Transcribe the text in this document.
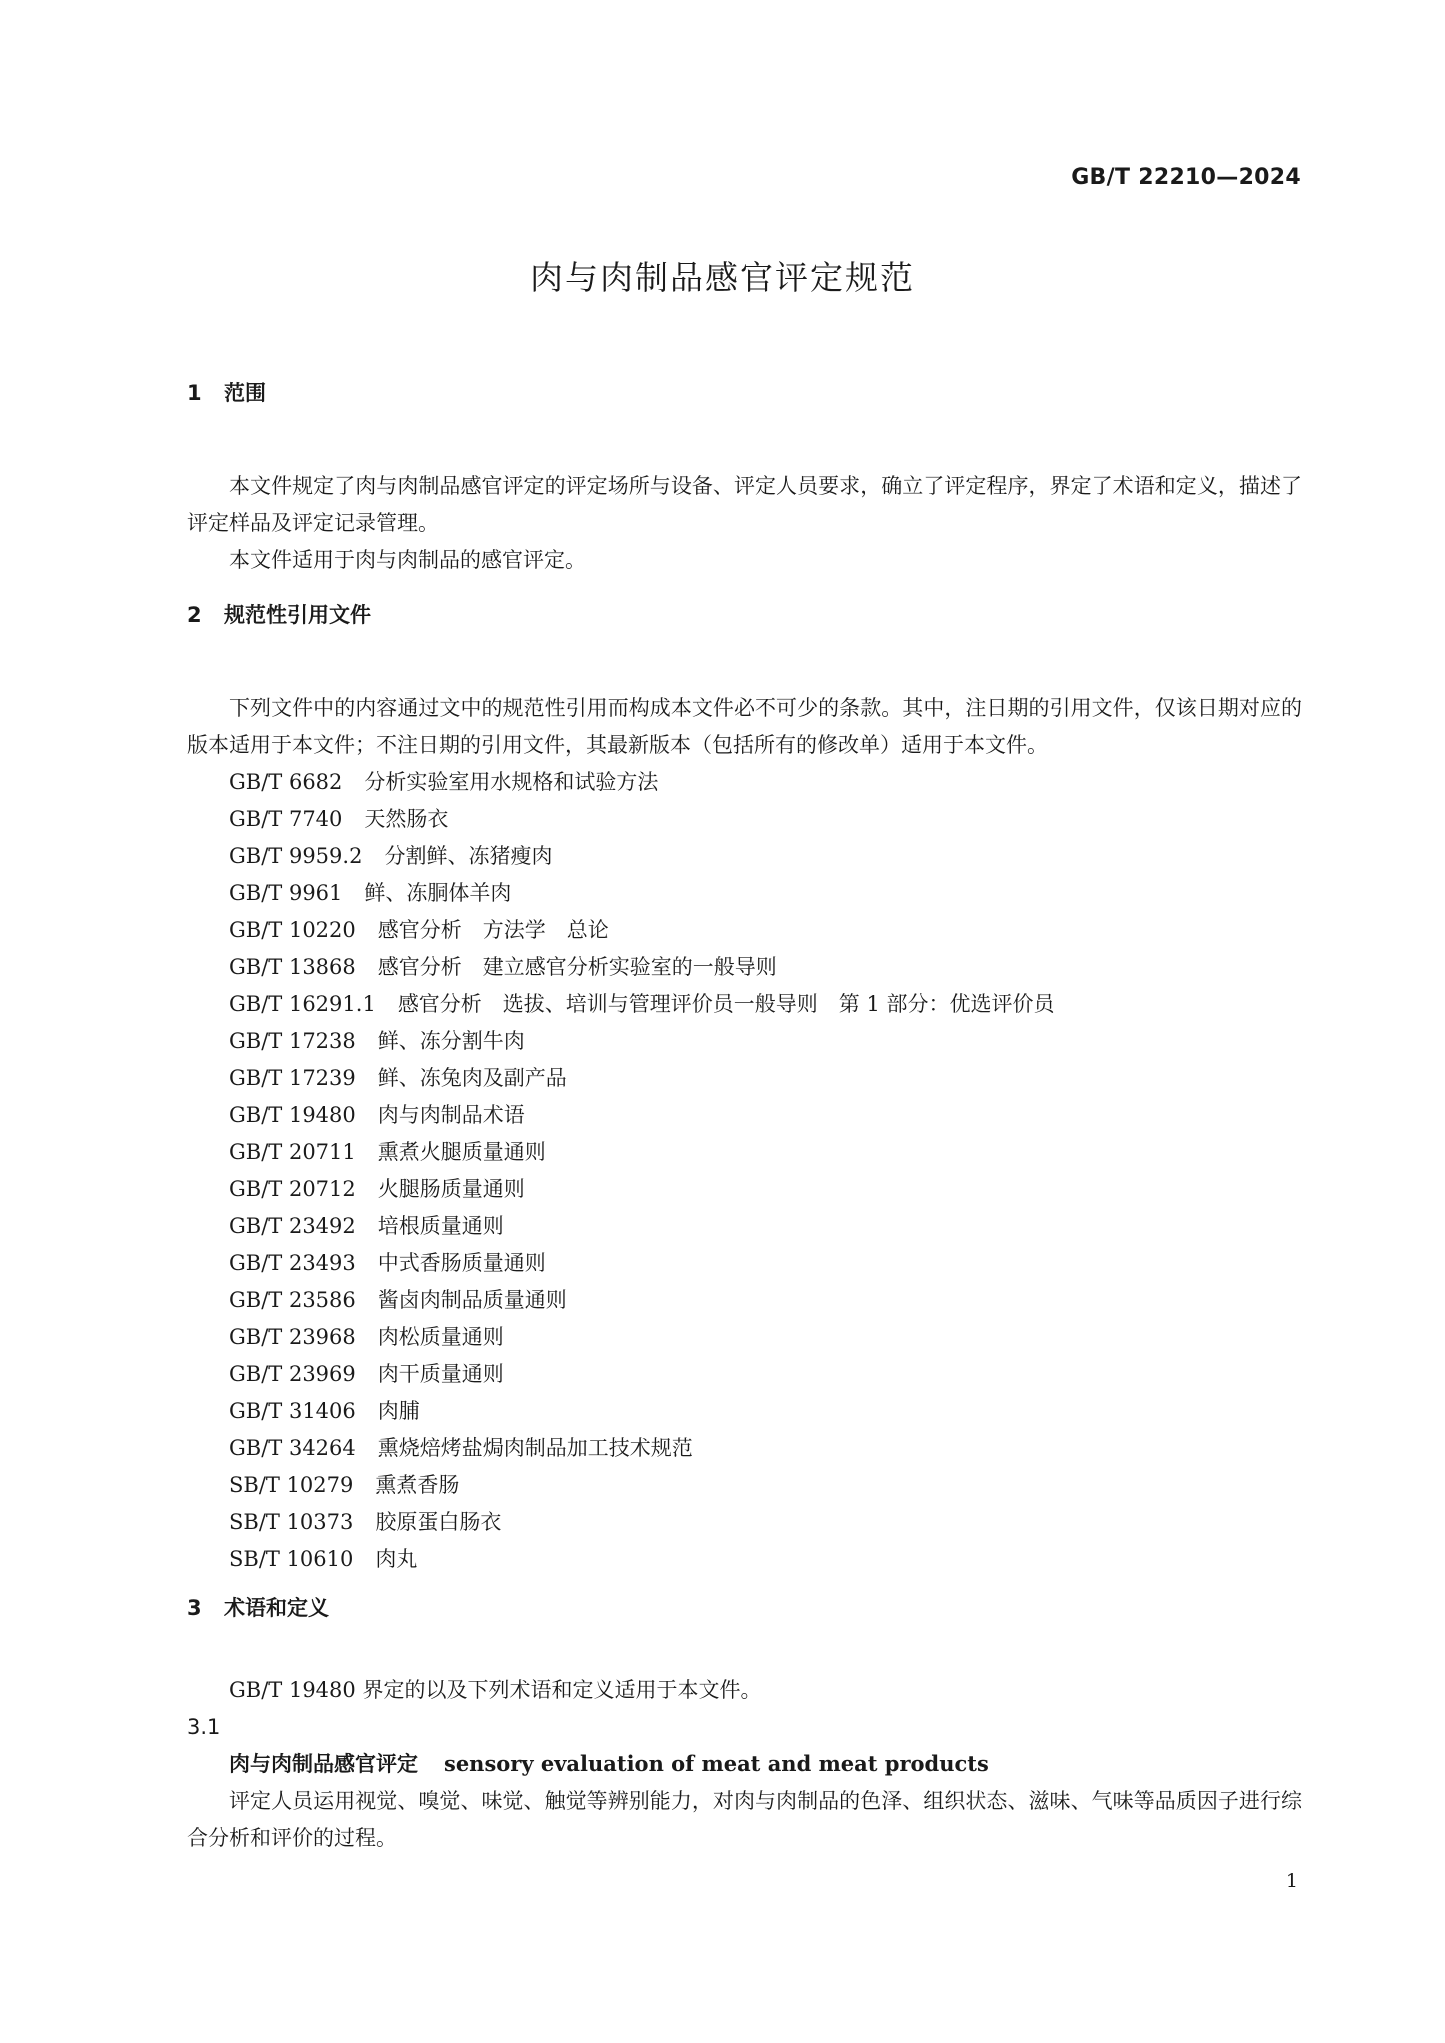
GB/T 22210—2024
肉与肉制品感官评定规范
1 范围

本文件规定了肉与肉制品感官评定的评定场所与设备、评定人员要求，确立了评定程序，界定了术语和定义，描述了评定样品及评定记录管理。

本文件适用于肉与肉制品的感官评定。

2 规范性引用文件

下列文件中的内容通过文中的规范性引用而构成本文件必不可少的条款。其中，注日期的引用文件，仅该日期对应的版本适用于本文件；不注日期的引用文件，其最新版本（包括所有的修改单）适用于本文件。

GB/T 6682 分析实验室用水规格和试验方法
GB/T 7740 天然肠衣
GB/T 9959.2 分割鲜、冻猪瘦肉
GB/T 9961 鲜、冻胴体羊肉
GB/T 10220 感官分析　方法学　总论
GB/T 13868 感官分析　建立感官分析实验室的一般导则
GB/T 16291.1 感官分析　选拔、培训与管理评价员一般导则　第 1 部分：优选评价员
GB/T 17238 鲜、冻分割牛肉
GB/T 17239 鲜、冻兔肉及副产品
GB/T 19480 肉与肉制品术语
GB/T 20711 熏煮火腿质量通则
GB/T 20712 火腿肠质量通则
GB/T 23492 培根质量通则
GB/T 23493 中式香肠质量通则
GB/T 23586 酱卤肉制品质量通则
GB/T 23968 肉松质量通则
GB/T 23969 肉干质量通则
GB/T 31406 肉脯
GB/T 34264 熏烧焙烤盐焗肉制品加工技术规范
SB/T 10279 熏煮香肠
SB/T 10373 胶原蛋白肠衣
SB/T 10610 肉丸
3 术语和定义

GB/T 19480 界定的以及下列术语和定义适用于本文件。

3.1

肉与肉制品感官评定 sensory evaluation of meat and meat products

评定人员运用视觉、嗅觉、味觉、触觉等辨别能力，对肉与肉制品的色泽、组织状态、滋味、气味等品质因子进行综合分析和评价的过程。

1
